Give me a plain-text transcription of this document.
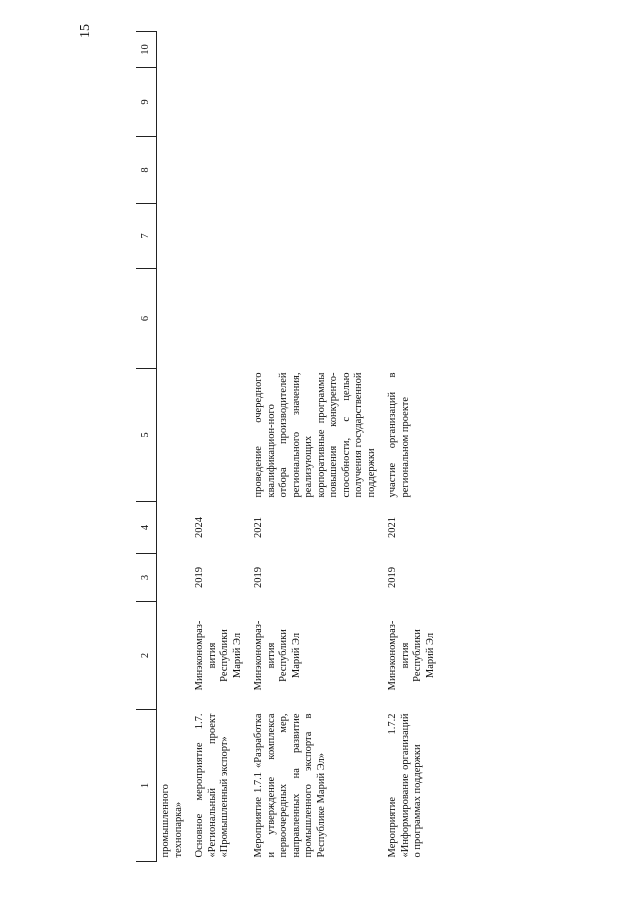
15
1	2	3	4	5	6	7	8	9	10
промышленного
технопарка»									
Основное мероприятие 1.7. «Региональный проект «Промышленный экспорт»	Минэкономраз-
вития
Республики
Марий Эл	2019	2024						
Мероприятие 1.7.1 «Разработка и утверждение комплекса первоочередных мер, направленных на развитие промышленного экспорта в Республике Марий Эл»	Минэкономраз-
вития
Республики
Марий Эл	2019	2021	проведение очередного квалификацион-ного отбора производителей регионального значения, реализующих корпоративные программы повышения конкуренто-способности, с целью получения государственной поддержки					
Мероприятие 1.7.2 «Информирование организаций о программах поддержки	Минэкономраз-
вития
Республики
Марий Эл	2019	2021	участие организаций в региональном проекте					
